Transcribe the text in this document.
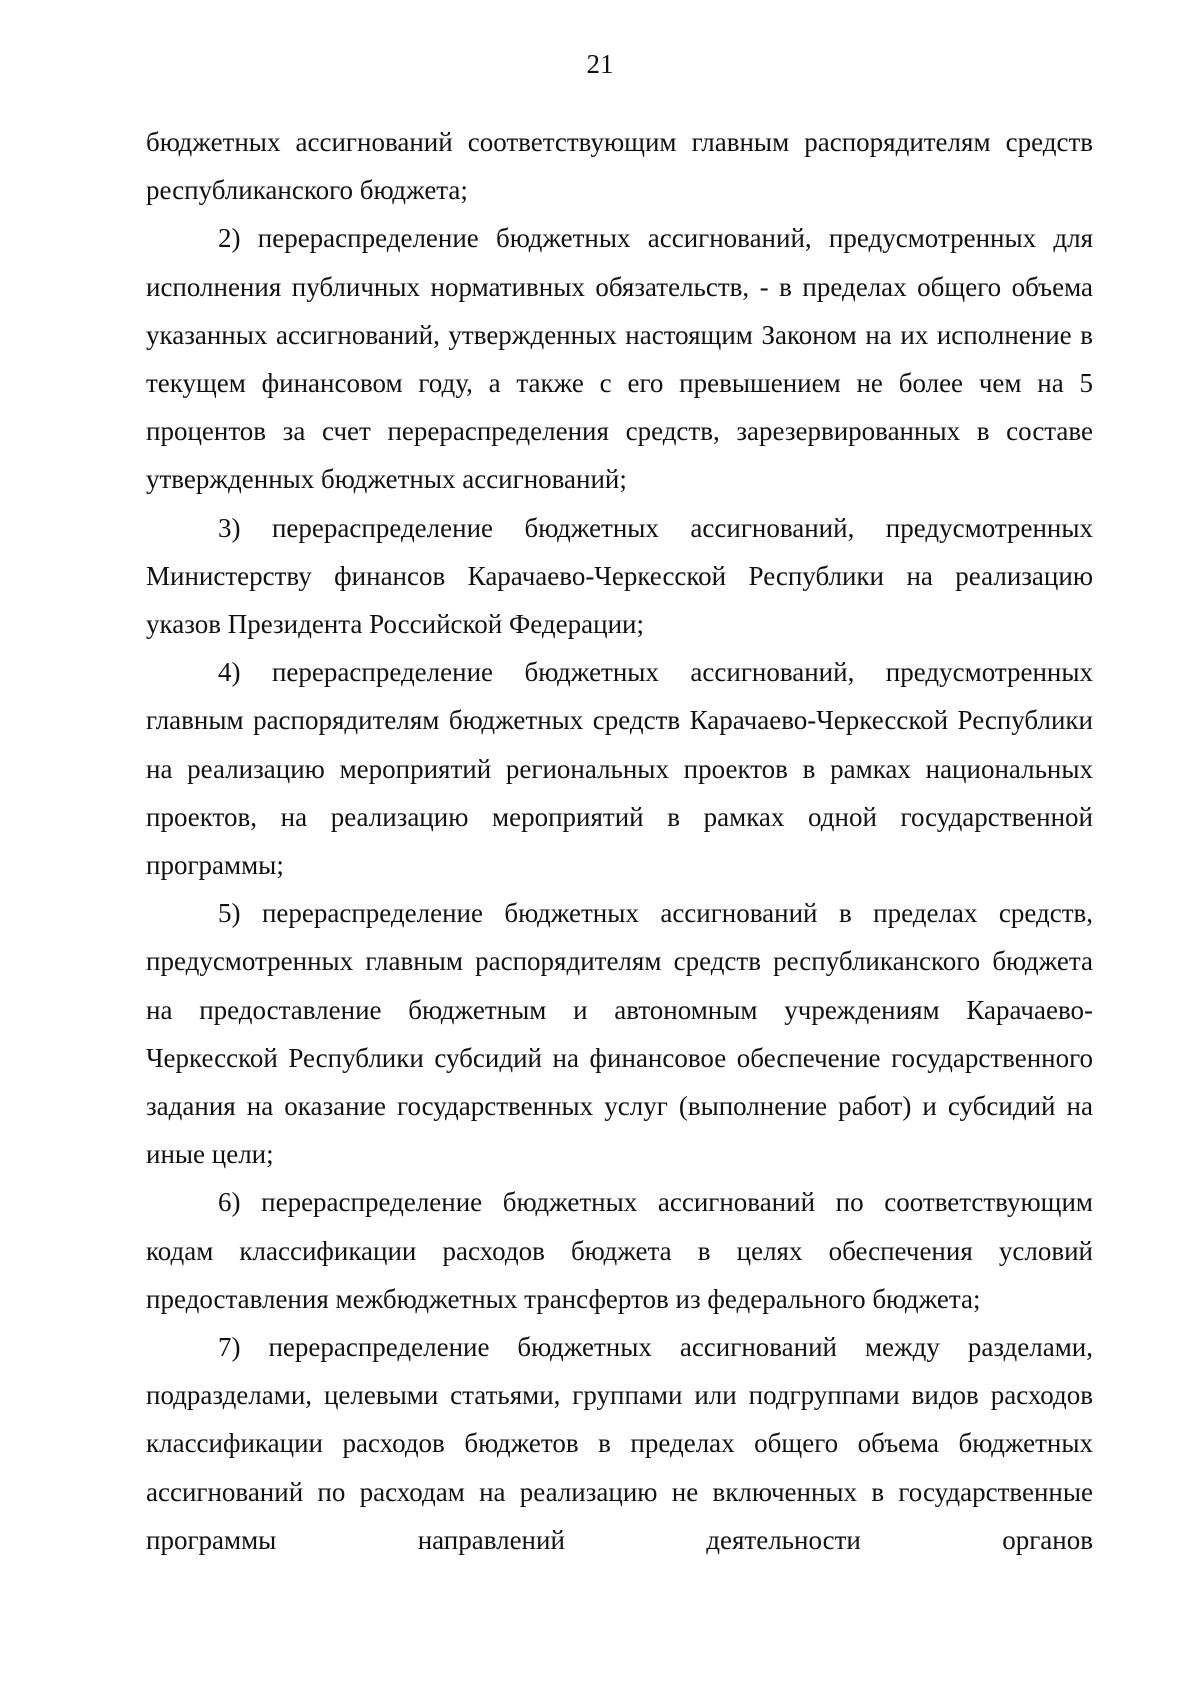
21

бюджетных ассигнований соответствующим главным распорядителям средств республиканского бюджета;

2) перераспределение бюджетных ассигнований, предусмотренных для исполнения публичных нормативных обязательств, - в пределах общего объема указанных ассигнований, утвержденных настоящим Законом на их исполнение в текущем финансовом году, а также с его превышением не более чем на 5 процентов за счет перераспределения средств, зарезервированных в составе утвержденных бюджетных ассигнований;

3) перераспределение бюджетных ассигнований, предусмотренных Министерству финансов Карачаево-Черкесской Республики на реализацию указов Президента Российской Федерации;

4) перераспределение бюджетных ассигнований, предусмотренных главным распорядителям бюджетных средств Карачаево-Черкесской Республики на реализацию мероприятий региональных проектов в рамках национальных проектов, на реализацию мероприятий в рамках одной государственной программы;

5) перераспределение бюджетных ассигнований в пределах средств, предусмотренных главным распорядителям средств республиканского бюджета на предоставление бюджетным и автономным учреждениям Карачаево-Черкесской Республики субсидий на финансовое обеспечение государственного задания на оказание государственных услуг (выполнение работ) и субсидий на иные цели;

6) перераспределение бюджетных ассигнований по соответствующим кодам классификации расходов бюджета в целях обеспечения условий предоставления межбюджетных трансфертов из федерального бюджета;

7) перераспределение бюджетных ассигнований между разделами, подразделами, целевыми статьями, группами или подгруппами видов расходов классификации расходов бюджетов в пределах общего объема бюджетных ассигнований по расходам на реализацию не включенных в государственные программы направлений деятельности органов
